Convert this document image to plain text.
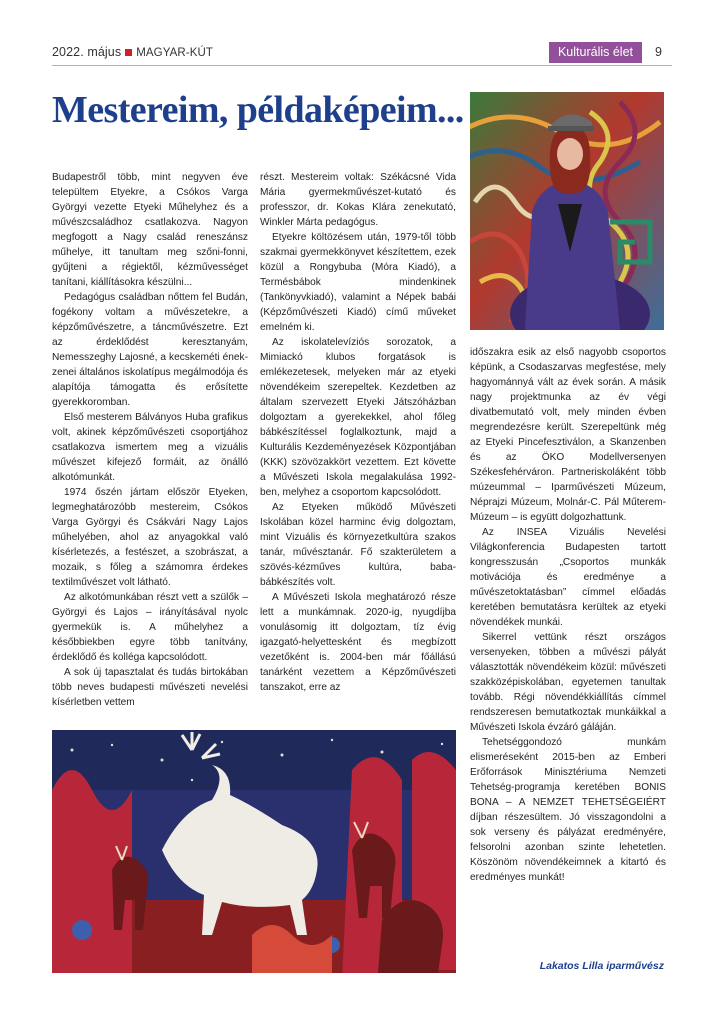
2022. május MAGYAR-KÚT	Kulturális élet	9
Mestereim, példaképeim...

Budapestről több, mint negyven éve települtem Etyekre, a Csókos Varga Györgyi vezette Etyeki Műhelyhez és a művészcsaládhoz csatlakozva. Nagyon megfogott a Nagy család reneszánsz műhelye, itt tanultam meg szőni-fonni, gyűjteni a régiektől, kézművességet tanítani, kiállításokra készülni...

Pedagógus családban nőttem fel Budán, fogékony voltam a művészetekre, a képzőművészetre, a táncművészetre. Ezt az érdeklődést keresztanyám, Nemesszeghy Lajosné, a kecskeméti ének-zenei általános iskolatípus megálmodója és alapítója támogatta és erősítette gyerekkoromban.

Első mesterem Bálványos Huba grafikus volt, akinek képzőművészeti csoportjához csatlakozva ismertem meg a vizuális művészet kifejező formáit, az önálló alkotómunkát.

1974 őszén jártam először Etyeken, legmeghatározóbb mestereim, Csókos Varga Györgyi és Csákvári Nagy Lajos műhelyében, ahol az anyagokkal való kísérletezés, a festészet, a szobrászat, a mozaik, s főleg a számomra érdekes textilművészet volt látható.

Az alkotómunkában részt vett a szülők – Györgyi és Lajos – irányításával nyolc gyermekük is. A műhelyhez a későbbiekben egyre több tanítvány, érdeklődő és kolléga kapcsolódott.

A sok új tapasztalat és tudás birtokában több neves budapesti művészeti nevelési kísérletben vettem

részt. Mestereim voltak: Székácsné Vida Mária gyermekművészet-kutató és professzor, dr. Kokas Klára zenekutató, Winkler Márta pedagógus.

Etyekre költözésem után, 1979-től több szakmai gyermekkönyvet készítettem, ezek közül a Rongybuba (Móra Kiadó), a Termésbábok mindenkinek (Tankönyvkiadó), valamint a Népek babái (Képzőművészeti Kiadó) című műveket emelném ki.

Az iskolatelevíziós sorozatok, a Mimiackó klubos forgatások is emlékezetesek, melyeken már az etyeki növendékeim szerepeltek. Kezdetben az általam szervezett Etyeki Játszóházban dolgoztam a gyerekekkel, ahol főleg bábkészítéssel foglalkoztunk, majd a Kulturális Kezdeményezések Központjában (KKK) szövözakkört vezettem. Ezt követte a Művészeti Iskola megalakulása 1992-ben, melyhez a csoportom kapcsolódott.

Az Etyeken működő Művészeti Iskolában közel harminc évig dolgoztam, mint Vizuális és környezetkultúra szakos tanár, művésztanár. Fő szakterületem a szövés-kézműves kultúra, baba-bábkészítés volt.

A Művészeti Iskola meghatározó része lett a munkámnak. 2020-ig, nyugdíjba vonulásomig itt dolgoztam, tíz évig igazgató-helyettesként és megbízott vezetőként is. 2004-ben már főállású tanárként vezettem a Képzőművészeti tanszakot, erre az

időszakra esik az első nagyobb csoportos képünk, a Csodaszarvas megfestése, mely hagyománnyá vált az évek során. A másik nagy projektmunka az év végi divatbemutató volt, mely minden évben megrendezésre került. Szerepeltünk még az Etyeki Pincefesztiválon, a Skanzenben és az ÖKO Modellversenyen Székesfehérváron. Partneriskoláként több múzeummal – Iparművészeti Múzeum, Néprajzi Múzeum, Molnár-C. Pál Műterem-Múzeum – is együtt dolgozhattunk.

Az INSEA Vizuális Nevelési Világkonferencia Budapesten tartott kongresszusán „Csoportos munkák motivációja és eredménye a művészetoktatásban” címmel előadás keretében bemutatásra kerültek az etyeki növendékek munkái.

Sikerrel vettünk részt országos versenyeken, többen a művészi pályát választották növendékeim közül: művészeti szakközépiskolában, egyetemen tanultak tovább. Régi növendékkiállítás címmel rendszeresen bemutatkoztak munkáikkal a Művészeti Iskola évzáró gáláján.

Tehetséggondozó munkám elismeréseként 2015-ben az Emberi Erőforrások Minisztériuma Nemzeti Tehetség-programja keretében BONIS BONA – A NEMZET TEHETSÉGEIÉRT díjban részesültem. Jó visszagondolni a sok verseny és pályázat eredményére, felsorolni azonban szinte lehetetlen. Köszönöm növendékeimnek a kitartó és eredményes munkát!

Lakatos Lilla iparművész
